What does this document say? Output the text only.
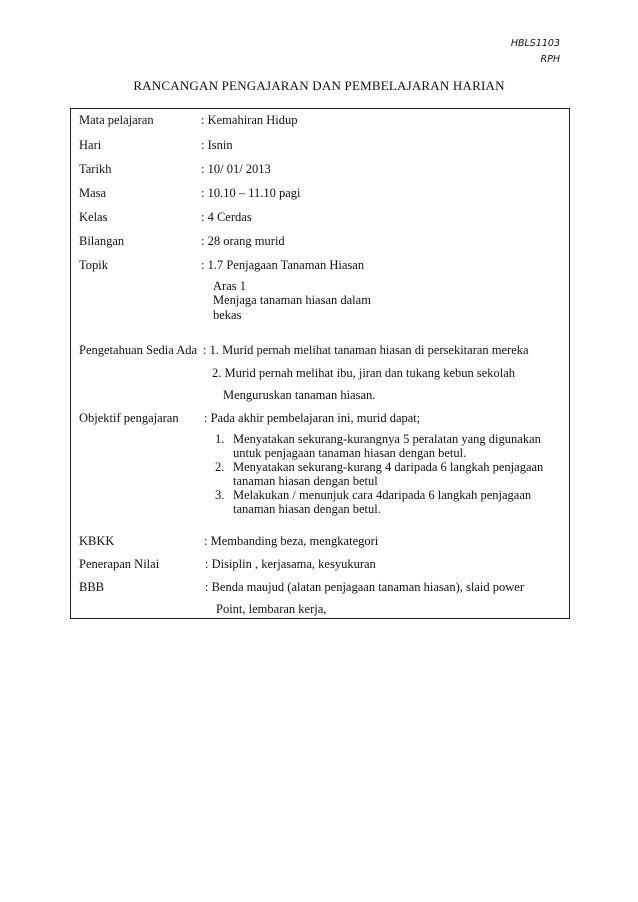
HBLS1103
RPH
RANCANGAN PENGAJARAN DAN PEMBELAJARAN HARIAN
Mata pelajaran	: Kemahiran Hidup
Hari	: Isnin
Tarikh	: 10/ 01/ 2013
Masa	: 10.10 – 11.10 pagi
Kelas	: 4 Cerdas
Bilangan	: 28 orang murid
Topik	: 1.7 Penjagaan Tanaman Hiasan
Aras 1
Menjaga tanaman hiasan dalam
bekas
Pengetahuan Sedia Ada : 1. Murid pernah melihat tanaman hiasan di persekitaran mereka
2. Murid pernah melihat ibu, jiran dan tukang kebun sekolah
Menguruskan tanaman hiasan.
Objektif pengajaran : Pada akhir pembelajaran ini, murid dapat;
1. Menyatakan sekurang-kurangnya 5 peralatan yang digunakan
untuk penjagaan tanaman hiasan dengan betul.
2. Menyatakan sekurang-kurang 4 daripada 6 langkah penjagaan
tanaman hiasan dengan betul
3. Melakukan / menunjuk cara 4daripada 6 langkah penjagaan
tanaman hiasan dengan betul.
KBKK	: Membanding beza, mengkategori
Penerapan Nilai	: Disiplin , kerjasama, kesyukuran
BBB	: Benda maujud (alatan penjagaan tanaman hiasan), slaid power
Point, lembaran kerja,
